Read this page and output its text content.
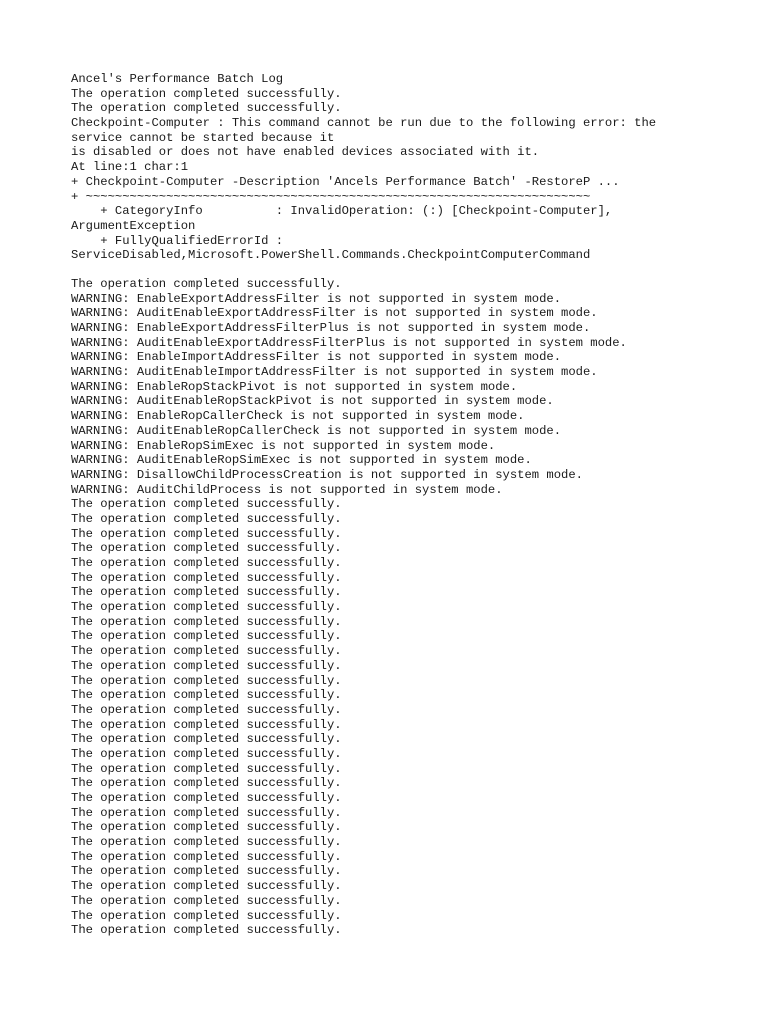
Ancel's Performance Batch Log
The operation completed successfully.
The operation completed successfully.
Checkpoint-Computer : This command cannot be run due to the following error: the
service cannot be started because it
is disabled or does not have enabled devices associated with it.
At line:1 char:1
+ Checkpoint-Computer -Description 'Ancels Performance Batch' -RestoreP ...
+ ~~~~~~~~~~~~~~~~~~~~~~~~~~~~~~~~~~~~~~~~~~~~~~~~~~~~~~~~~~~~~~~~~~~~~
+ CategoryInfo          : InvalidOperation: (:) [Checkpoint-Computer],
ArgumentException
+ FullyQualifiedErrorId :
ServiceDisabled,Microsoft.PowerShell.Commands.CheckpointComputerCommand
The operation completed successfully.
WARNING: EnableExportAddressFilter is not supported in system mode.
WARNING: AuditEnableExportAddressFilter is not supported in system mode.
WARNING: EnableExportAddressFilterPlus is not supported in system mode.
WARNING: AuditEnableExportAddressFilterPlus is not supported in system mode.
WARNING: EnableImportAddressFilter is not supported in system mode.
WARNING: AuditEnableImportAddressFilter is not supported in system mode.
WARNING: EnableRopStackPivot is not supported in system mode.
WARNING: AuditEnableRopStackPivot is not supported in system mode.
WARNING: EnableRopCallerCheck is not supported in system mode.
WARNING: AuditEnableRopCallerCheck is not supported in system mode.
WARNING: EnableRopSimExec is not supported in system mode.
WARNING: AuditEnableRopSimExec is not supported in system mode.
WARNING: DisallowChildProcessCreation is not supported in system mode.
WARNING: AuditChildProcess is not supported in system mode.
The operation completed successfully.
The operation completed successfully.
The operation completed successfully.
The operation completed successfully.
The operation completed successfully.
The operation completed successfully.
The operation completed successfully.
The operation completed successfully.
The operation completed successfully.
The operation completed successfully.
The operation completed successfully.
The operation completed successfully.
The operation completed successfully.
The operation completed successfully.
The operation completed successfully.
The operation completed successfully.
The operation completed successfully.
The operation completed successfully.
The operation completed successfully.
The operation completed successfully.
The operation completed successfully.
The operation completed successfully.
The operation completed successfully.
The operation completed successfully.
The operation completed successfully.
The operation completed successfully.
The operation completed successfully.
The operation completed successfully.
The operation completed successfully.
The operation completed successfully.
